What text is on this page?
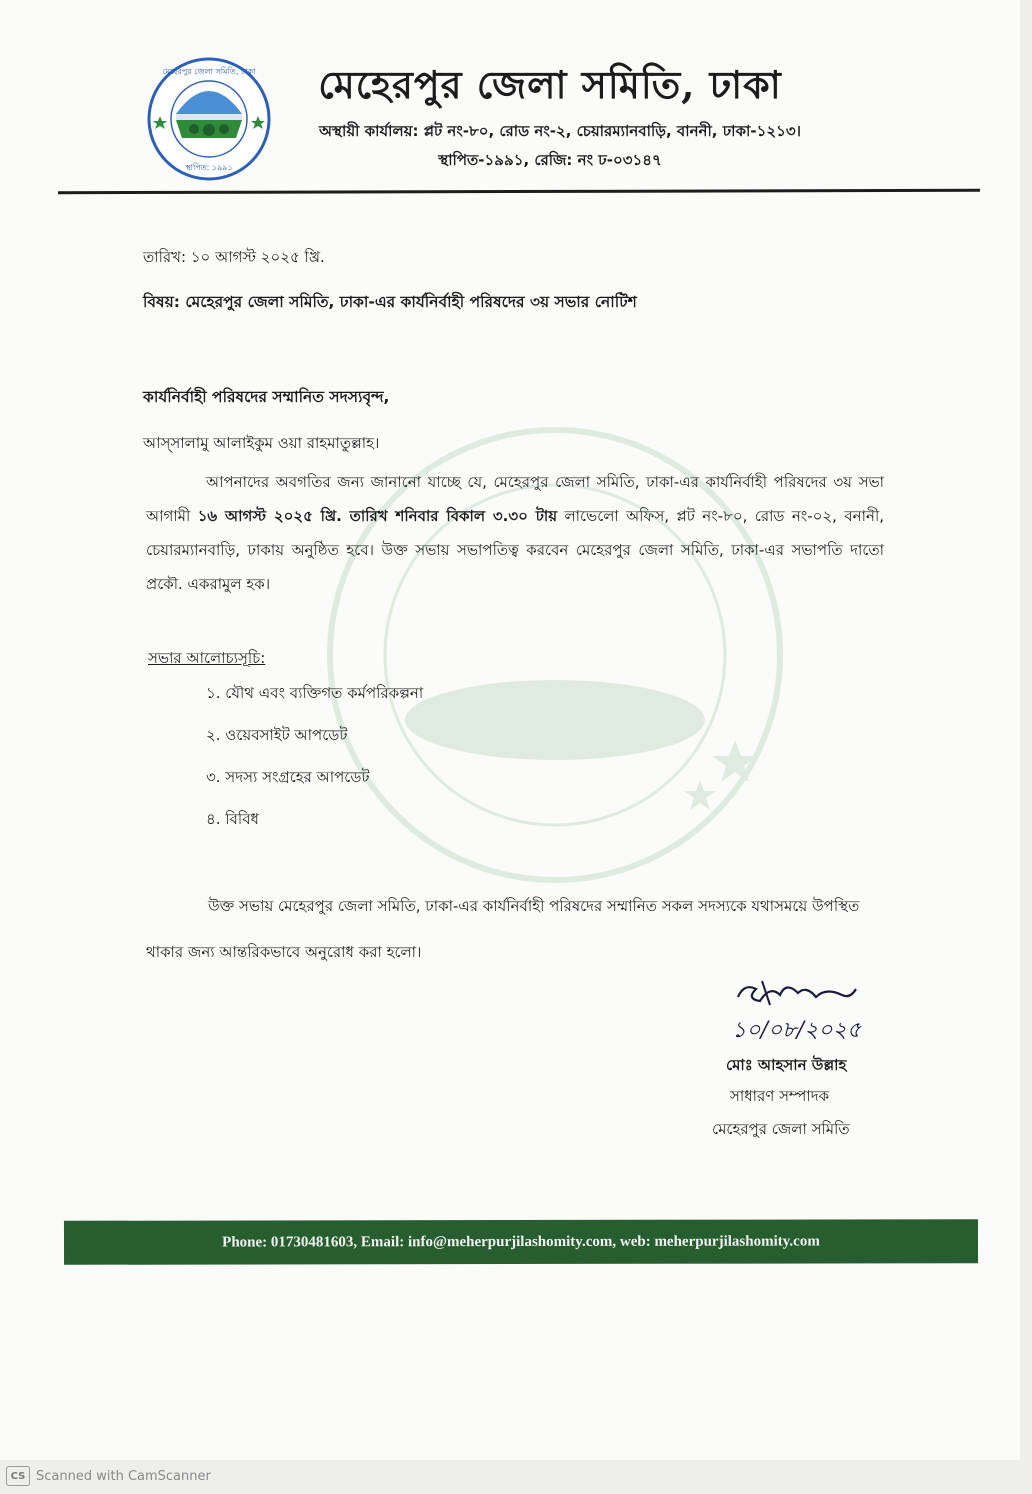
মেহেরপুর জেলা সমিতি, ঢাকা
স্থাপিত: ১৯৯১
মেহেরপুর জেলা সমিতি, ঢাকা
অস্থায়ী কার্যালয়: প্লট নং-৮০, রোড নং-২, চেয়ারম্যানবাড়ি, বাননী, ঢাকা-১২১৩।
স্থাপিত-১৯৯১, রেজি: নং ঢ-০৩১৪৭
তারিখ: ১০ আগস্ট ২০২৫ খ্রি.
বিষয়: মেহেরপুর জেলা সমিতি, ঢাকা-এর কার্যনির্বাহী পরিষদের ৩য় সভার নোটিশ
কার্যনির্বাহী পরিষদের সম্মানিত সদস্যবৃন্দ,
আস্সালামু আলাইকুম ওয়া রাহমাতুল্লাহ।
আপনাদের অবগতির জন্য জানানো যাচ্ছে যে, মেহেরপুর জেলা সমিতি, ঢাকা-এর কার্যনির্বাহী পরিষদের ৩য় সভা আগামী ১৬ আগস্ট ২০২৫ খ্রি. তারিখ শনিবার বিকাল ৩.৩০ টায় লাভেলো অফিস, প্লট নং-৮০, রোড নং-০২, বনানী, চেয়ারম্যানবাড়ি, ঢাকায় অনুষ্ঠিত হবে। উক্ত সভায় সভাপতিত্ব করবেন মেহেরপুর জেলা সমিতি, ঢাকা-এর সভাপতি দাতো প্রকৌ. একরামুল হক।
সভার আলোচ্যসূচি:
১. যৌথ এবং ব্যক্তিগত কর্মপরিকল্পনা
২. ওয়েবসাইট আপডেট
৩. সদস্য সংগ্রহের আপডেট
৪. বিবিধ
উক্ত সভায় মেহেরপুর জেলা সমিতি, ঢাকা-এর কার্যনির্বাহী পরিষদের সম্মানিত সকল সদস্যকে যথাসময়ে উপস্থিত থাকার জন্য আন্তরিকভাবে অনুরোধ করা হলো।
১০/০৮/২০২৫
মোঃ আহসান উল্লাহ
সাধারণ সম্পাদক
মেহেরপুর জেলা সমিতি
Phone: 01730481603, Email: info@meherpurjilashomity.com, web: meherpurjilashomity.com
CS Scanned with CamScanner
